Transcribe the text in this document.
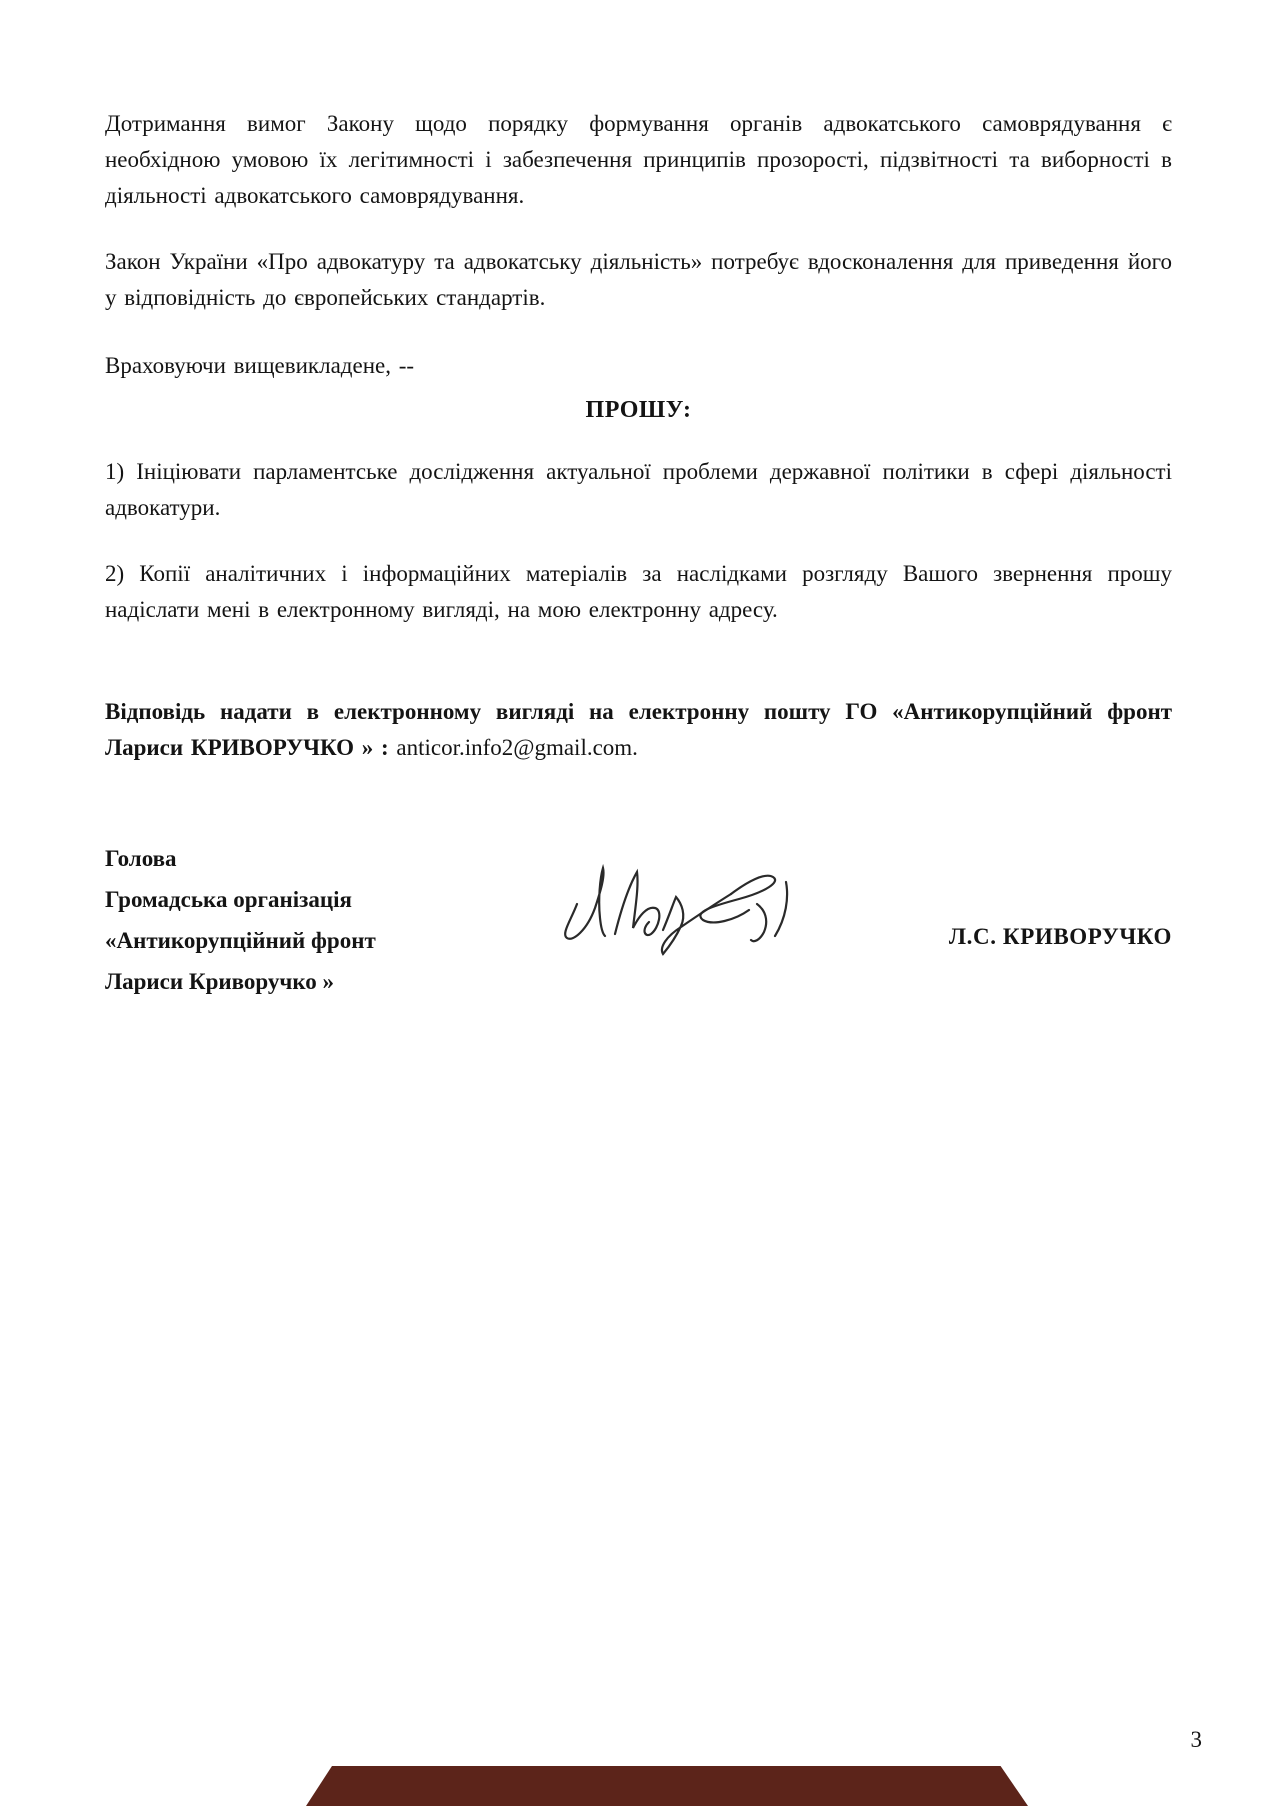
Дотримання вимог Закону щодо порядку формування органів адвокатського самоврядування є необхідною умовою їх легітимності і забезпечення принципів прозорості, підзвітності та виборності в діяльності адвокатського самоврядування.

Закон України «Про адвокатуру та адвокатську діяльність» потребує вдосконалення для приведення його у відповідність до європейських стандартів.

Враховуючи вищевикладене, --

ПРОШУ:

1) Ініціювати парламентське дослідження актуальної проблеми державної політики в сфері діяльності адвокатури.

2) Копії аналітичних і інформаційних матеріалів за наслідками розгляду Вашого звернення прошу надіслати мені в електронному вигляді, на мою електронну адресу.

Відповідь надати в електронному вигляді на електронну пошту ГО «Антикорупційний фронт Лариси КРИВОРУЧКО » : anticor.info2@gmail.com.

Голова
Громадська організація
«Антикорупційний фронт
Лариси Криворучко »
Л.С. КРИВОРУЧКО
3
